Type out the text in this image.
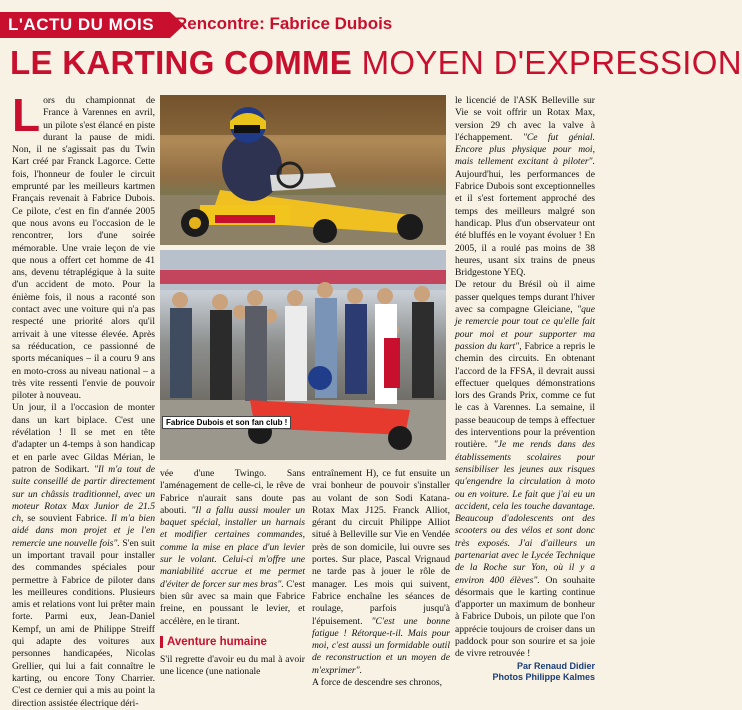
L'ACTU DU MOIS	Rencontre: Fabrice Dubois
LE KARTING COMME MOYEN D'EXPRESSION

Lors du championnat de France à Varennes en avril, un pilote s'est élancé en piste durant la pause de midi. Non, il ne s'agissait pas du Twin Kart créé par Franck Lagorce. Cette fois, l'honneur de fouler le circuit emprunté par les meilleurs kartmen Français revenait à Fabrice Dubois. Ce pilote, c'est en fin d'année 2005 que nous avons eu l'occasion de le rencontrer, lors d'une soirée mémorable. Une vraie leçon de vie que nous a offert cet homme de 41 ans, devenu tétraplégique à la suite d'un accident de moto. Pour la énième fois, il nous a raconté son contact avec une voiture qui n'a pas respecté une priorité alors qu'il arrivait à une vitesse élevée. Après sa rééducation, ce passionné de sports mécaniques – il a couru 9 ans en moto-cross au niveau national – a très vite ressenti l'envie de pouvoir piloter à nouveau.

Un jour, il a l'occasion de monter dans un kart biplace. C'est une révélation ! Il se met en tête d'adapter un 4-temps à son handicap et en parle avec Gildas Mérian, le patron de Sodikart. "Il m'a tout de suite conseillé de partir directement sur un châssis traditionnel, avec un moteur Rotax Max Junior de 21.5 ch, se souvient Fabrice. Il m'a bien aidé dans mon projet et je l'en remercie une nouvelle fois". S'en suit un important travail pour installer des commandes spéciales pour permettre à Fabrice de piloter dans les meilleures conditions. Plusieurs amis et relations vont lui prêter main forte. Parmi eux, Jean-Daniel Kempf, un ami de Philippe Streiff qui adapte des voitures aux personnes handicapées, Nicolas Grellier, qui lui a fait connaître le karting, ou encore Tony Charrier. C'est ce dernier qui a mis au point la direction assistée électrique déri-

Fabrice Dubois et son fan club !

vée d'une Twingo. Sans l'aménagement de celle-ci, le rêve de Fabrice n'aurait sans doute pas abouti. "Il a fallu aussi mouler un baquet spécial, installer un harnais et modifier certaines commandes, comme la mise en place d'un levier sur le volant. Celui-ci m'offre une maniabilité accrue et me permet d'éviter de forcer sur mes bras". C'est bien sûr avec sa main que Fabrice freine, en poussant le levier, et accélère, en le tirant.

Aventure humaine

S'il regrette d'avoir eu du mal à avoir une licence (une nationale

entraînement H), ce fut ensuite un vrai bonheur de pouvoir s'installer au volant de son Sodi Katana-Rotax Max J125. Franck Alliot, gérant du circuit Philippe Alliot situé à Belleville sur Vie en Vendée près de son domicile, lui ouvre ses portes. Sur place, Pascal Vrignaud ne tarde pas à jouer le rôle de manager. Les mois qui suivent, Fabrice enchaîne les séances de roulage, parfois jusqu'à l'épuisement. "C'est une bonne fatigue ! Rétorque-t-il. Mais pour moi, c'est aussi un formidable outil de reconstruction et un moyen de m'exprimer".

A force de descendre ses chronos,

le licencié de l'ASK Belleville sur Vie se voit offrir un Rotax Max, version 29 ch avec la valve à l'échappement. "Ce fut génial. Encore plus physique pour moi, mais tellement excitant à piloter". Aujourd'hui, les performances de Fabrice Dubois sont exceptionnelles et il s'est fortement approché des temps des meilleurs malgré son handicap. Plus d'un observateur ont été bluffés en le voyant évoluer ! En 2005, il a roulé pas moins de 38 heures, usant six trains de pneus Bridgestone YEQ.

De retour du Brésil où il aime passer quelques temps durant l'hiver avec sa compagne Gleiciane, "que je remercie pour tout ce qu'elle fait pour moi et pour supporter ma passion du kart", Fabrice a repris le chemin des circuits. En obtenant l'accord de la FFSA, il devrait aussi effectuer quelques démonstrations lors des Grands Prix, comme ce fut le cas à Varennes. La semaine, il passe beaucoup de temps à effectuer des interventions pour la prévention routière. "Je me rends dans des établissements scolaires pour sensibiliser les jeunes aux risques qu'engendre la circulation à moto ou en voiture. Le fait que j'ai eu un accident, cela les touche davantage. Beaucoup d'adolescents ont des scooters ou des vélos et sont donc très exposés. J'ai d'ailleurs un partenariat avec le Lycée Technique de la Roche sur Yon, où il y a environ 400 élèves". On souhaite désormais que le karting continue d'apporter un maximum de bonheur à Fabrice Dubois, un pilote que l'on apprécie toujours de croiser dans un paddock pour son sourire et sa joie de vivre retrouvée !

Par Renaud Didier
Photos Philippe Kalmes
